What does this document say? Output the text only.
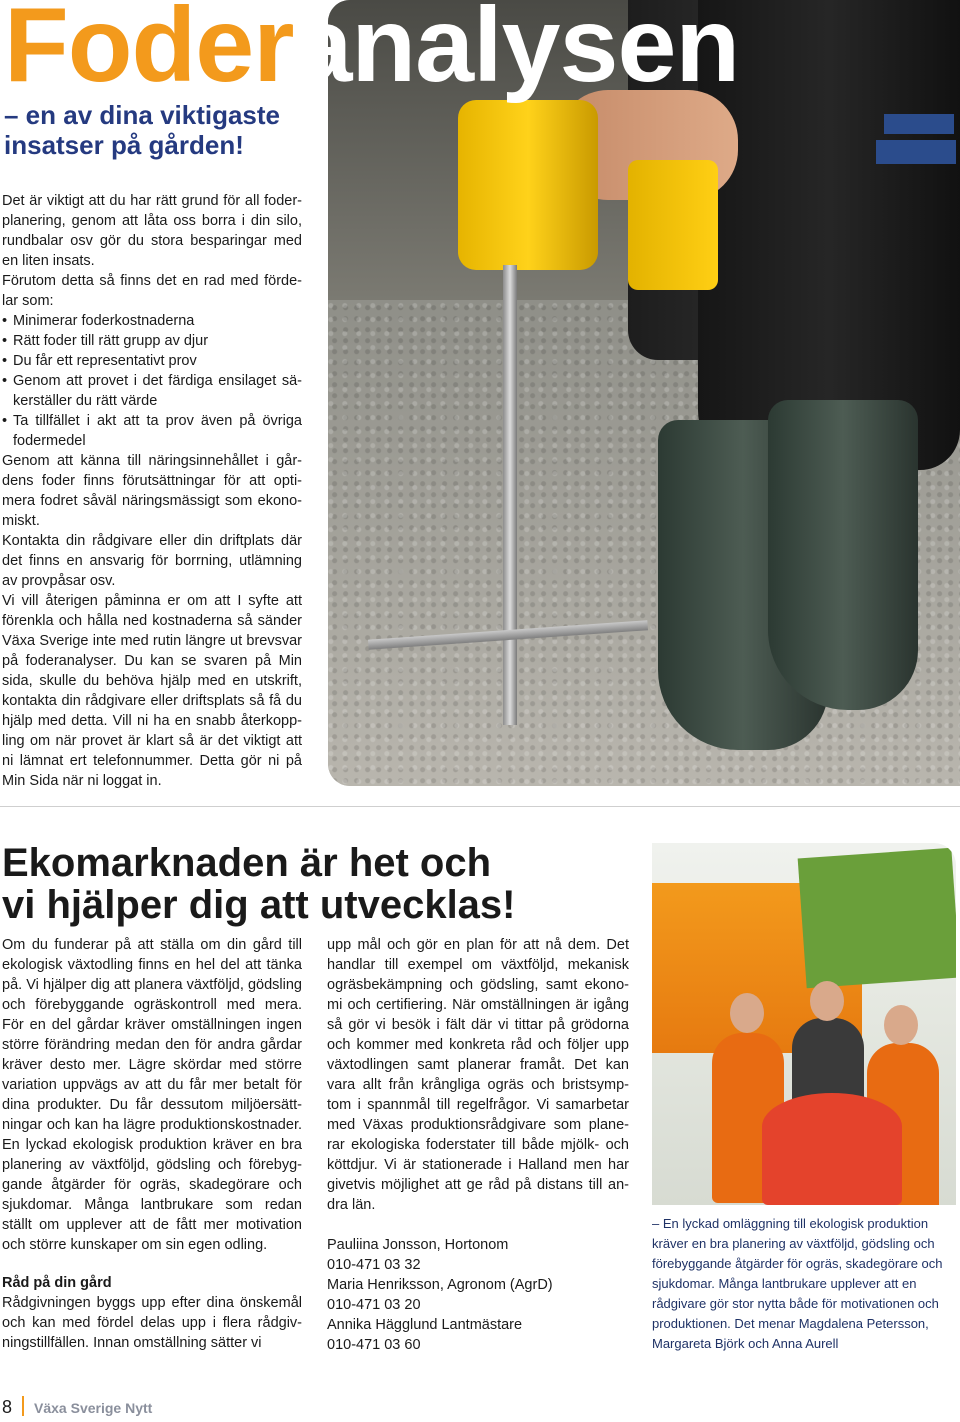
Foderanalysen
– en av dina viktigaste
insatser på gården!

Det är viktigt att du har rätt grund för all foder-planering, genom att låta oss borra i din silo, rundbalar osv gör du stora besparingar med en liten insats.

Förutom detta så finns det en rad med förde-lar som:

• Minimerar foderkostnaderna
• Rätt foder till rätt grupp av djur
• Du får ett representativt prov
• Genom att provet i det färdiga ensilaget sä-kerställer du rätt värde
• Ta tillfället i akt att ta prov även på övriga fodermedel

Genom att känna till näringsinnehållet i går-dens foder finns förutsättningar för att opti-mera fodret såväl näringsmässigt som ekono-miskt.

Kontakta din rådgivare eller din driftplats där det finns en ansvarig för borrning, utlämning av provpåsar osv.

Vi vill återigen påminna er om att I syfte att förenkla och hålla ned kostnaderna så sänder Växa Sverige inte med rutin längre ut brevsvar på foderanalyser. Du kan se svaren på Min sida, skulle du behöva hjälp med en utskrift, kontakta din rådgivare eller driftsplats så få du hjälp med detta. Vill ni ha en snabb återkopp-ling om när provet är klart så är det viktigt att ni lämnat ert telefonnummer. Detta gör ni på Min Sida när ni loggat in.

Ekomarknaden är het och
vi hjälper dig att utvecklas!

Om du funderar på att ställa om din gård till ekologisk växtodling finns en hel del att tänka på. Vi hjälper dig att planera växtföljd, gödsling och förebyggande ogräskontroll med mera. För en del gårdar kräver omställningen ingen större förändring medan den för andra gårdar kräver desto mer. Lägre skördar med större variation uppvägs av att du får mer betalt för dina produkter. Du får dessutom miljöersätt-ningar och kan ha lägre produktionskostnader. En lyckad ekologisk produktion kräver en bra planering av växtföljd, gödsling och förebyg-gande åtgärder för ogräs, skadegörare och sjukdomar. Många lantbrukare som redan ställt om upplever att de fått mer motivation och större kunskaper om sin egen odling.

Råd på din gård

Rådgivningen byggs upp efter dina önskemål och kan med fördel delas upp i flera rådgiv-ningstillfällen. Innan omställning sätter vi

upp mål och gör en plan för att nå dem. Det handlar till exempel om växtföljd, mekanisk ogräsbekämpning och gödsling, samt ekono-mi och certifiering. När omställningen är igång så gör vi besök i fält där vi tittar på grödorna och kommer med konkreta råd och följer upp växtodlingen samt planerar framåt. Det kan vara allt från krångliga ogräs och bristsymp-tom i spannmål till regelfrågor. Vi samarbetar med Växas produktionsrådgivare som plane-rar ekologiska foderstater till både mjölk- och köttdjur. Vi är stationerade i Halland men har givetvis möjlighet att ge råd på distans till an-dra län.

Pauliina Jonsson, Hortonom
010-471 03 32
Maria Henriksson, Agronom (AgrD)
010-471 03 20
Annika Hägglund Lantmästare
010-471 03 60

– En lyckad omläggning till ekologisk produktion kräver en bra planering av växtföljd, gödsling och förebyggande åtgärder för ogräs, skadegörare och sjukdomar. Många lantbrukare upplever att en rådgivare gör stor nytta både för motivationen och produktionen. Det menar Magdalena Petersson, Margareta Björk och Anna Aurell
8 Växa Sverige Nytt
